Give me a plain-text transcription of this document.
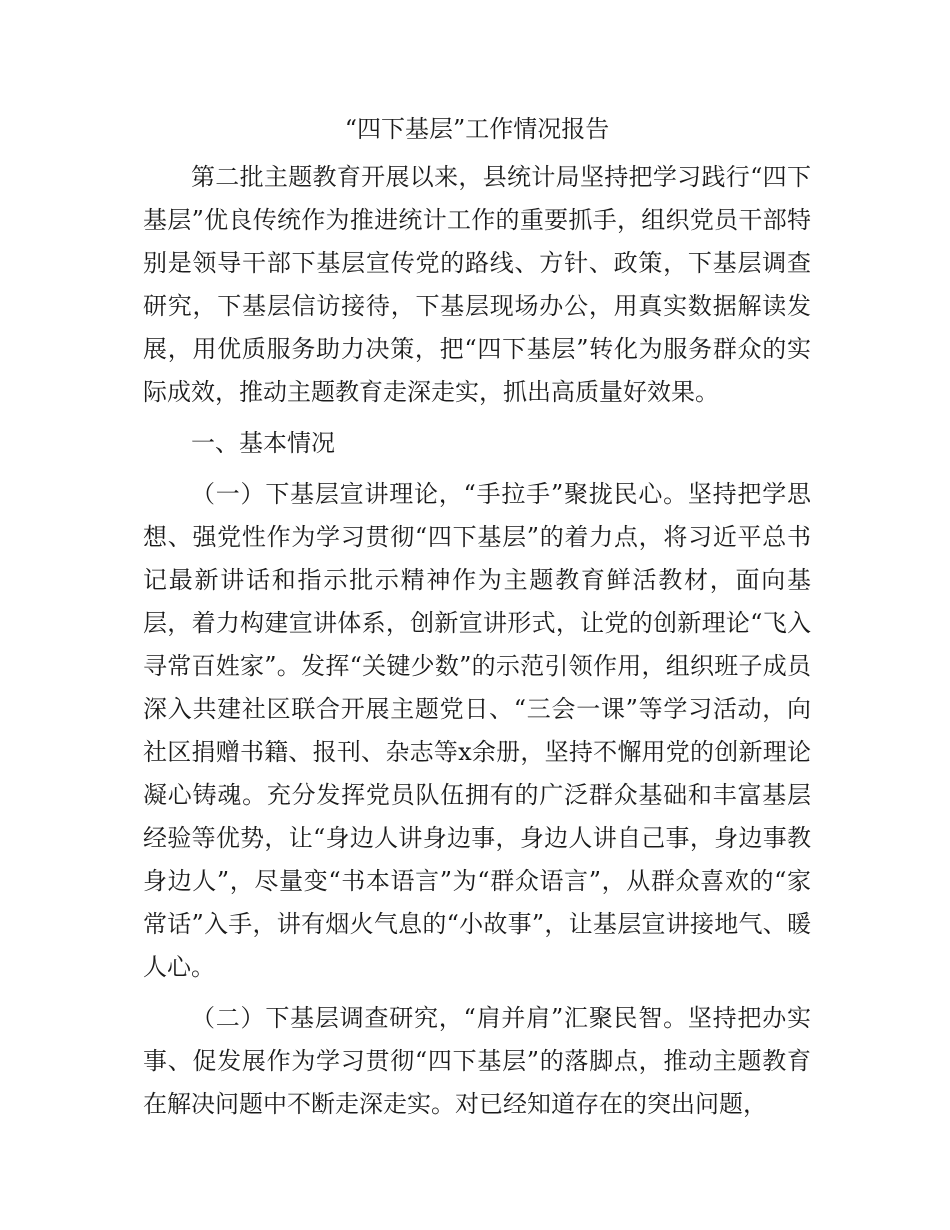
“四下基层”工作情况报告

第二批主题教育开展以来，县统计局坚持把学习践行“四下基层”优良传统作为推进统计工作的重要抓手，组织党员干部特别是领导干部下基层宣传党的路线、方针、政策，下基层调查研究，下基层信访接待，下基层现场办公，用真实数据解读发展，用优质服务助力决策，把“四下基层”转化为服务群众的实际成效，推动主题教育走深走实，抓出高质量好效果。

一、基本情况

（一）下基层宣讲理论，“手拉手”聚拢民心。坚持把学思想、强党性作为学习贯彻“四下基层”的着力点，将习近平总书记最新讲话和指示批示精神作为主题教育鲜活教材，面向基层，着力构建宣讲体系，创新宣讲形式，让党的创新理论“飞入寻常百姓家”。发挥“关键少数”的示范引领作用，组织班子成员深入共建社区联合开展主题党日、“三会一课”等学习活动，向社区捐赠书籍、报刊、杂志等x余册，坚持不懈用党的创新理论凝心铸魂。充分发挥党员队伍拥有的广泛群众基础和丰富基层经验等优势，让“身边人讲身边事，身边人讲自己事，身边事教身边人”，尽量变“书本语言”为“群众语言”，从群众喜欢的“家常话”入手，讲有烟火气息的“小故事”，让基层宣讲接地气、暖人心。

（二）下基层调查研究，“肩并肩”汇聚民智。坚持把办实事、促发展作为学习贯彻“四下基层”的落脚点，推动主题教育在解决问题中不断走深走实。对已经知道存在的突出问题，
